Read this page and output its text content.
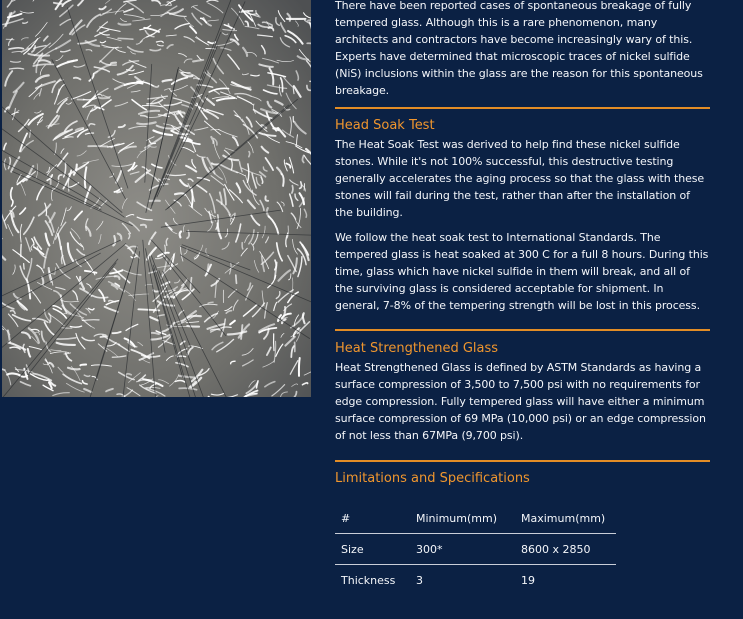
There have been reported cases of spontaneous breakage of fully tempered glass. Although this is a rare phenomenon, many architects and contractors have become increasingly wary of this. Experts have determined that microscopic traces of nickel sulfide (NiS) inclusions within the glass are the reason for this spontaneous breakage.

Head Soak Test

The Heat Soak Test was derived to help find these nickel sulfide stones. While it's not 100% successful, this destructive testing generally accelerates the aging process so that the glass with these stones will fail during the test, rather than after the installation of the building.

We follow the heat soak test to International Standards. The tempered glass is heat soaked at 300 C for a full 8 hours. During this time, glass which have nickel sulfide in them will break, and all of the surviving glass is considered acceptable for shipment. In general, 7-8% of the tempering strength will be lost in this process.

Heat Strengthened Glass

Heat Strengthened Glass is defined by ASTM Standards as having a surface compression of 3,500 to 7,500 psi with no requirements for edge compression. Fully tempered glass will have either a minimum surface compression of 69 MPa (10,000 psi) or an edge compression of not less than 67MPa (9,700 psi).

Limitations and Specifications
#	Minimum(mm)	Maximum(mm)
Size	300*	8600 x 2850
Thickness	3	19
